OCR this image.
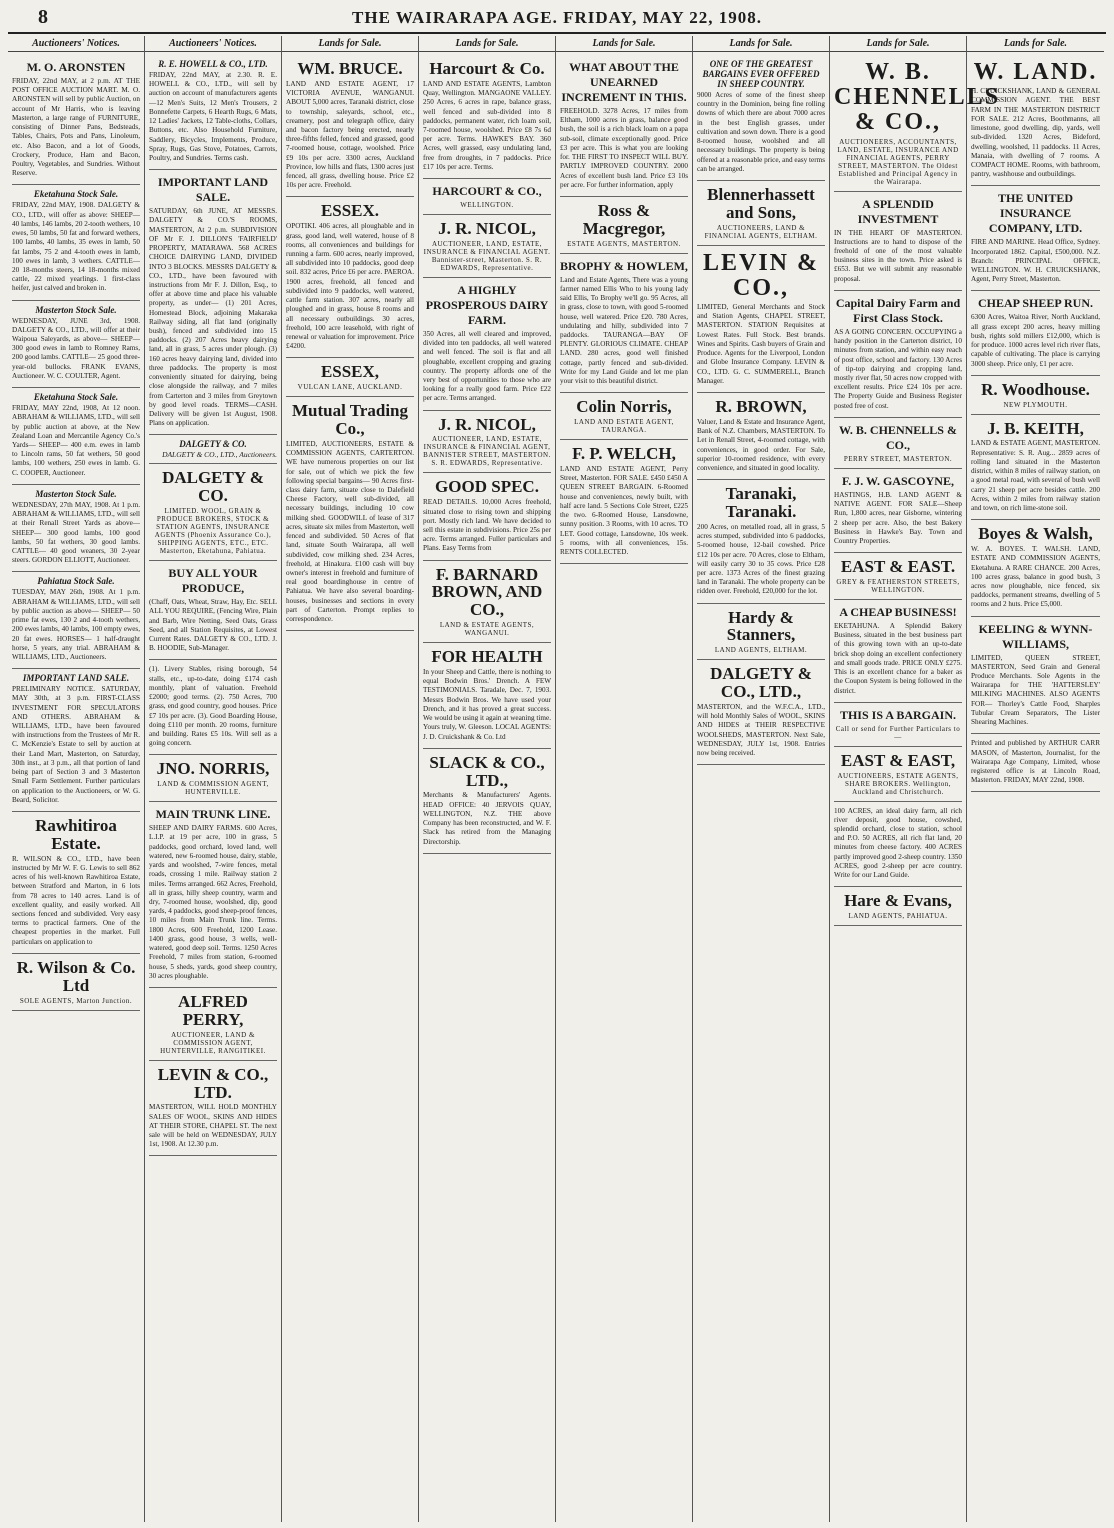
8	THE WAIRARAPA AGE. FRIDAY, MAY 22, 1908.
Auctioneers' Notices.
M. O. ARONSTEN
FRIDAY, 22nd MAY, at 2 p.m. AT THE POST OFFICE AUCTION MART. M. O. ARONSTEN will sell by public Auction, on account of Mr Harris, who is leaving Masterton, a large range of FURNITURE, consisting of Dinner Pans, Bedsteads, Tables, Chairs, Pots and Pans, Linoleum, etc. Also Bacon, and a lot of Goods, Crockery, Produce, Ham and Bacon, Poultry, Vegetables, and Sundries. Without Reserve.
Eketahuna Stock Sale.
FRIDAY, 22nd MAY, 1908. DALGETY & CO., LTD., will offer as above: SHEEP— 40 lambs, 146 lambs, 20 2-tooth wethers, 10 ewes, 50 lambs, 50 fat and forward wethers, 100 lambs, 40 lambs, 35 ewes in lamb, 50 fat lambs, 75 2 and 4-tooth ewes in lamb, 100 ewes in lamb, 3 wethers. CATTLE— 20 18-months steers, 14 18-months mixed cattle, 22 mixed yearlings. 1 first-class heifer, just calved and broken in.
Masterton Stock Sale.
WEDNESDAY, JUNE 3rd, 1908. DALGETY & CO., LTD., will offer at their Waipoua Saleyards, as above— SHEEP— 300 good ewes in lamb to Romney Rams, 200 good lambs. CATTLE— 25 good three-year-old bullocks. FRANK EVANS, Auctioneer. W. C. COULTER, Agent.
Eketahuna Stock Sale.
FRIDAY, MAY 22nd, 1908, At 12 noon. ABRAHAM & WILLIAMS, LTD., will sell by public auction at above, at the New Zealand Loan and Mercantile Agency Co.'s Yards— SHEEP— 400 e.m. ewes in lamb to Lincoln rams, 50 fat wethers, 50 good lambs, 100 wethers, 250 ewes in lamb. G. C. COOPER, Auctioneer.
Masterton Stock Sale.
WEDNESDAY, 27th MAY, 1908. At 1 p.m. ABRAHAM & WILLIAMS, LTD., will sell at their Renall Street Yards as above— SHEEP— 300 good lambs, 100 good lambs, 50 fat wethers, 30 good lambs. CATTLE— 40 good weaners, 30 2-year steers. GORDON ELLIOTT, Auctioneer.
Pahiatua Stock Sale.
TUESDAY, MAY 26th, 1908. At 1 p.m. ABRAHAM & WILLIAMS, LTD., will sell by public auction as above— SHEEP— 50 prime fat ewes, 130 2 and 4-tooth wethers, 200 ewes lambs, 40 lambs, 100 empty ewes, 20 fat ewes. HORSES— 1 half-draught horse, 5 years, any trial. ABRAHAM & WILLIAMS, LTD., Auctioneers.
IMPORTANT LAND SALE.
PRELIMINARY NOTICE. SATURDAY, MAY 30th, at 3 p.m. FIRST-CLASS INVESTMENT FOR SPECULATORS AND OTHERS. ABRAHAM & WILLIAMS, LTD., have been favoured with instructions from the Trustees of Mr R. C. McKenzie's Estate to sell by auction at their Land Mart, Masterton, on Saturday, 30th inst., at 3 p.m., all that portion of land being part of Section 3 and 3 Masterton Small Farm Settlement. Further particulars on application to the Auctioneers, or W. G. Beard, Solicitor.
Rawhitiroa Estate.
R. WILSON & CO., LTD., have been instructed by Mr W. F. G. Lewis to sell 862 acres of his well-known Rawhitiroa Estate, between Stratford and Marton, in 6 lots from 78 acres to 140 acres. Land is of excellent quality, and easily worked. All sections fenced and subdivided. Very easy terms to practical farmers. One of the cheapest properties in the market. Full particulars on application to
R. Wilson & Co. Ltd
SOLE AGENTS, Marton Junction.
Auctioneers' Notices.
R. E. HOWELL & CO., LTD.
FRIDAY, 22nd MAY, at 2.30. R. E. HOWELL & CO., LTD., will sell by auction on account of manufacturers agents—12 Men's Suits, 12 Men's Trousers, 2 Bonnefette Carpets, 6 Hearth Rugs, 6 Mats, 12 Ladies' Jackets, 12 Table-cloths, Collars, Buttons, etc. Also Household Furniture, Saddlery, Bicycles, Implements, Produce, Spray, Rugs, Gas Stove, Potatoes, Carrots, Poultry, and Sundries. Terms cash.
IMPORTANT LAND SALE.
SATURDAY, 6th JUNE, AT MESSRS. DALGETY & CO.'S ROOMS, MASTERTON, At 2 p.m. SUBDIVISION OF Mr F. J. DILLON'S 'FAIRFIELD' PROPERTY, MATARAWA. 568 ACRES CHOICE DAIRYING LAND, DIVIDED INTO 3 BLOCKS. MESSRS DALGETY & CO., LTD., have been favoured with instructions from Mr F. J. Dillon, Esq., to offer at above time and place his valuable property, as under— (1) 201 Acres, Homestead Block, adjoining Makaraka Railway siding, all flat land (originally bush), fenced and subdivided into 15 paddocks. (2) 207 Acres heavy dairying land, all in grass, 5 acres under plough. (3) 160 acres heavy dairying land, divided into three paddocks. The property is most conveniently situated for dairying, being close alongside the railway, and 7 miles from Carterton and 3 miles from Greytown by good level roads. TERMS—CASH. Delivery will be given 1st August, 1908. Plans on application.
DALGETY & CO.
DALGETY & CO., LTD., Auctioneers.
DALGETY & CO.
LIMITED. WOOL, GRAIN & PRODUCE BROKERS, STOCK & STATION AGENTS, INSURANCE AGENTS (Phoenix Assurance Co.), SHIPPING AGENTS, ETC., ETC. Masterton, Eketahuna, Pahiatua.
BUY ALL YOUR PRODUCE,
(Chaff, Oats, Wheat, Straw, Hay, Etc. SELL ALL YOU REQUIRE, (Fencing Wire, Plain and Barb, Wire Netting, Seed Oats, Grass Seed, and all Station Requisites, at Lowest Current Rates. DALGETY & CO., LTD. J. B. HOODIE, Sub-Manager.
(1). Livery Stables, rising borough, 54 stalls, etc., up-to-date, doing £174 cash monthly, plant of valuation. Freehold £2000; good terms. (2). 750 Acres, 700 grass, end good country, good houses. Price £7 10s per acre. (3). Good Boarding House, doing £110 per month. 20 rooms, furniture and building. Rates £5 10s. Will sell as a going concern.
JNO. NORRIS,
LAND & COMMISSION AGENT, HUNTERVILLE.
MAIN TRUNK LINE.
SHEEP AND DAIRY FARMS. 600 Acres, L.I.P. at 19 per acre, 100 in grass, 5 paddocks, good orchard, loved land, well watered, new 6-roomed house, dairy, stable, yards and woolshed, 7-wire fences, metal roads, crossing 1 mile. Railway station 2 miles. Terms arranged. 662 Acres, Freehold, all in grass, hilly sheep country, warm and dry, 7-roomed house, woolshed, dip, good yards, 4 paddocks, good sheep-proof fences, 10 miles from Main Trunk line. Terms. 1800 Acres, 600 Freehold, 1200 Lease. 1400 grass, good house, 3 wells, well-watered, good deep soil. Terms. 1250 Acres Freehold, 7 miles from station, 6-roomed house, 5 sheds, yards, good sheep country, 30 acres ploughable.
ALFRED PERRY,
AUCTIONEER, LAND & COMMISSION AGENT, HUNTERVILLE, RANGITIKEI.
LEVIN & CO., LTD.
MASTERTON, WILL HOLD MONTHLY SALES OF WOOL, SKINS AND HIDES AT THEIR STORE, CHAPEL ST. The next sale will be held on WEDNESDAY, JULY 1st, 1908. At 12.30 p.m.
Lands for Sale.
WM. BRUCE.
LAND AND ESTATE AGENT, 17 VICTORIA AVENUE, WANGANUI. ABOUT 5,000 acres, Taranaki district, close to township, saleyards, school, etc., creamery, post and telegraph office, dairy and bacon factory being erected, nearly three-fifths felled, fenced and grassed, good 7-roomed house, cottage, woolshed. Price £9 10s per acre. 3300 acres, Auckland Province, low hills and flats, 1300 acres just fenced, all grass, dwelling house. Price £2 10s per acre. Freehold.
ESSEX.
OPOTIKI. 406 acres, all ploughable and in grass, good land, well watered, house of 8 rooms, all conveniences and buildings for running a farm. 600 acres, nearly improved, all subdivided into 10 paddocks, good deep soil. 832 acres, Price £6 per acre. PAEROA. 1900 acres, freehold, all fenced and subdivided into 9 paddocks, well watered, cattle farm station. 307 acres, nearly all ploughed and in grass, house 8 rooms and all necessary outbuildings. 30 acres, freehold, 100 acre leasehold, with right of renewal or valuation for improvement. Price £4200.
ESSEX,
VULCAN LANE, AUCKLAND.
Mutual Trading Co.,
LIMITED, AUCTIONEERS, ESTATE & COMMISSION AGENTS, CARTERTON. WE have numerous properties on our list for sale, out of which we pick the few following special bargains— 90 Acres first-class dairy farm, situate close to Dalefield Cheese Factory, well sub-divided, all necessary buildings, including 10 cow milking shed. GOODWILL of lease of 317 acres, situate six miles from Masterton, well fenced and subdivided. 50 Acres of flat land, situate South Wairarapa, all well subdivided, cow milking shed. 234 Acres, freehold, at Hinakura. £100 cash will buy owner's interest in freehold and furniture of real good boardinghouse in centre of Pahiatua. We have also several boarding-houses, businesses and sections in every part of Carterton. Prompt replies to correspondence.
Lands for Sale.
Harcourt & Co.
LAND AND ESTATE AGENTS, Lambton Quay, Wellington. MANGAONE VALLEY. 250 Acres, 6 acres in rape, balance grass, well fenced and sub-divided into 8 paddocks, permanent water, rich loam soil, 7-roomed house, woolshed. Price £8 7s 6d per acre. Terms. HAWKE'S BAY. 360 Acres, well grassed, easy undulating land, free from droughts, in 7 paddocks. Price £17 10s per acre. Terms.
HARCOURT & CO.,
WELLINGTON.
J. R. NICOL,
AUCTIONEER, LAND, ESTATE, INSURANCE & FINANCIAL AGENT. Bannister-street, Masterton. S. R. EDWARDS, Representative.
A HIGHLY PROSPEROUS DAIRY FARM.
350 Acres, all well cleared and improved, divided into ten paddocks, all well watered and well fenced. The soil is flat and all ploughable, excellent cropping and grazing country. The property affords one of the very best of opportunities to those who are looking for a really good farm. Price £22 per acre. Terms arranged.
J. R. NICOL,
AUCTIONEER, LAND, ESTATE, INSURANCE & FINANCIAL AGENT, BANNISTER STREET, MASTERTON. S. R. EDWARDS, Representative.
GOOD SPEC.
READ DETAILS. 10,000 Acres freehold, situated close to rising town and shipping port. Mostly rich land. We have decided to sell this estate in subdivisions. Price 25s per acre. Terms arranged. Fuller particulars and Plans. Easy Terms from
F. BARNARD BROWN, AND CO.,
LAND & ESTATE AGENTS, WANGANUI.
FOR HEALTH
In your Sheep and Cattle, there is nothing to equal Bodwin Bros.' Drench. A FEW TESTIMONIALS. Taradale, Dec. 7, 1903. Messrs Bodwin Bros. We have used your Drench, and it has proved a great success. We would be using it again at weaning time. Yours truly, W. Gleeson. LOCAL AGENTS: J. D. Cruickshank & Co. Ltd
SLACK & CO., LTD.,
Merchants & Manufacturers' Agents. HEAD OFFICE: 40 JERVOIS QUAY, WELLINGTON, N.Z. THE above Company has been reconstructed, and W. F. Slack has retired from the Managing Directorship.
Lands for Sale.
WHAT ABOUT THE UNEARNED INCREMENT IN THIS.
FREEHOLD. 3278 Acres, 17 miles from Eltham, 1000 acres in grass, balance good bush, the soil is a rich black loam on a papa sub-soil, climate exceptionally good. Price £3 per acre. This is what you are looking for. THE FIRST TO INSPECT WILL BUY. PARTLY IMPROVED COUNTRY. 2000 Acres of excellent bush land. Price £3 10s per acre. For further information, apply
Ross & Macgregor,
ESTATE AGENTS, MASTERTON.
BROPHY & HOWLEM,
Land and Estate Agents, There was a young farmer named Ellis Who to his young lady said Ellis, To Brophy we'll go. 95 Acres, all in grass, close to town, with good 5-roomed house, well watered. Price £20. 780 Acres, undulating and hilly, subdivided into 7 paddocks. TAURANGA—BAY OF PLENTY. GLORIOUS CLIMATE. CHEAP LAND. 280 acres, good well finished cottage, partly fenced and sub-divided. Write for my Land Guide and let me plan your visit to this beautiful district.
Colin Norris,
LAND AND ESTATE AGENT, TAURANGA.
F. P. WELCH,
LAND AND ESTATE AGENT, Perry Street, Masterton. FOR SALE. £450 £450 A QUEEN STREET BARGAIN. 6-Roomed house and conveniences, newly built, with half acre land. 5 Sections Cole Street, £225 the two. 6-Roomed House, Lansdowne, sunny position. 3 Rooms, with 10 acres. TO LET. Good cottage, Lansdowne, 10s week. 5 rooms, with all conveniences, 15s. RENTS COLLECTED.
Lands for Sale.
ONE OF THE GREATEST BARGAINS EVER OFFERED IN SHEEP COUNTRY.
9000 Acres of some of the finest sheep country in the Dominion, being fine rolling downs of which there are about 7000 acres in the best English grasses, under cultivation and sown down. There is a good 8-roomed house, woolshed and all necessary buildings. The property is being offered at a reasonable price, and easy terms can be arranged.
Blennerhassett and Sons,
AUCTIONEERS, LAND & FINANCIAL AGENTS, ELTHAM.
LEVIN & CO.,
LIMITED, General Merchants and Stock and Station Agents, CHAPEL STREET, MASTERTON. STATION Requisites at Lowest Rates. Full Stock. Best brands. Wines and Spirits. Cash buyers of Grain and Produce. Agents for the Liverpool, London and Globe Insurance Company. LEVIN & CO., LTD. G. C. SUMMERELL, Branch Manager.
R. BROWN,
Valuer, Land & Estate and Insurance Agent, Bank of N.Z. Chambers, MASTERTON. To Let in Renall Street, 4-roomed cottage, with conveniences, in good order. For Sale, superior 10-roomed residence, with every convenience, and situated in good locality.
Taranaki, Taranaki.
200 Acres, on metalled road, all in grass, 5 acres stumped, subdivided into 6 paddocks, 5-roomed house, 12-bail cowshed. Price £12 10s per acre. 70 Acres, close to Eltham, will easily carry 30 to 35 cows. Price £28 per acre. 1373 Acres of the finest grazing land in Taranaki. The whole property can be ridden over. Freehold, £20,000 for the lot.
Hardy & Stanners,
LAND AGENTS, ELTHAM.
DALGETY & CO., LTD.,
MASTERTON, and the W.F.C.A., LTD., will hold Monthly Sales of WOOL, SKINS AND HIDES at THEIR RESPECTIVE WOOLSHEDS, MASTERTON. Next Sale, WEDNESDAY, JULY 1st, 1908. Entries now being received.
Lands for Sale.
W. B. CHENNELLS & CO.,
AUCTIONEERS, ACCOUNTANTS, LAND, ESTATE, INSURANCE AND FINANCIAL AGENTS, PERRY STREET, MASTERTON. The Oldest Established and Principal Agency in the Wairarapa.
A SPLENDID INVESTMENT
IN THE HEART OF MASTERTON. Instructions are to hand to dispose of the freehold of one of the most valuable business sites in the town. Price asked is £653. But we will submit any reasonable proposal.
Capital Dairy Farm and First Class Stock.
AS A GOING CONCERN. OCCUPYING a handy position in the Carterton district, 10 minutes from station, and within easy reach of post office, school and factory. 130 Acres of tip-top dairying and cropping land, mostly river flat, 50 acres now cropped with excellent results. Price £24 10s per acre. The Property Guide and Business Register posted free of cost.
W. B. CHENNELLS & CO.,
PERRY STREET, MASTERTON.
F. J. W. GASCOYNE,
HASTINGS, H.B. LAND AGENT & NATIVE AGENT. FOR SALE—Sheep Run, 1,800 acres, near Gisborne, wintering 2 sheep per acre. Also, the best Bakery Business in Hawke's Bay. Town and Country Properties.
EAST & EAST.
GREY & FEATHERSTON STREETS, WELLINGTON.
A CHEAP BUSINESS!
EKETAHUNA. A Splendid Bakery Business, situated in the best business part of this growing town with an up-to-date brick shop doing an excellent confectionery and small goods trade. PRICE ONLY £275. This is an excellent chance for a baker as the Coupon System is being followed in the district.
THIS IS A BARGAIN.
Call or send for Further Particulars to—
EAST & EAST,
AUCTIONEERS, ESTATE AGENTS, SHARE BROKERS. Wellington, Auckland and Christchurch.
100 ACRES, an ideal dairy farm, all rich river deposit, good house, cowshed, splendid orchard, close to station, school and P.O. 50 ACRES, all rich flat land, 20 minutes from cheese factory. 400 ACRES partly improved good 2-sheep country. 1350 ACRES, good 2-sheep per acre country. Write for our Land Guide.
Hare & Evans,
LAND AGENTS, PAHIATUA.
Lands for Sale.
W. LAND.
H. CRUICKSHANK, LAND & GENERAL COMMISSION AGENT. THE BEST FARM IN THE MASTERTON DISTRICT FOR SALE. 212 Acres, Boothmanns, all limestone, good dwelling, dip, yards, well sub-divided. 1320 Acres, Bideford, dwelling, woolshed, 11 paddocks. 11 Acres, Manaia, with dwelling of 7 rooms. A COMPACT HOME. Rooms, with bathroom, pantry, washhouse and outbuildings.
THE UNITED INSURANCE COMPANY, LTD.
FIRE AND MARINE. Head Office, Sydney. Incorporated 1862. Capital, £500,000. N.Z. Branch: PRINCIPAL OFFICE, WELLINGTON. W. H. CRUICKSHANK, Agent, Perry Street, Masterton.
CHEAP SHEEP RUN.
6300 Acres, Waitoa River, North Auckland, all grass except 200 acres, heavy milling bush, rights sold millers £12,000, which is for produce. 1000 acres level rich river flats, capable of cultivating. The place is carrying 3000 sheep. Price only, £1 per acre.
R. Woodhouse.
NEW PLYMOUTH.
J. B. KEITH,
LAND & ESTATE AGENT, MASTERTON. Representative: S. R. Aug... 2859 acres of rolling land situated in the Masterton district, within 8 miles of railway station, on a good metal road, with several of bush well carry 21 sheep per acre besides cattle. 200 Acres, within 2 miles from railway station and town, on rich lime-stone soil.
Boyes & Walsh,
W. A. BOYES. T. WALSH. LAND, ESTATE AND COMMISSION AGENTS, Eketahuna. A RARE CHANCE. 200 Acres, 100 acres grass, balance in good bush, 3 acres now ploughable, nice fenced, six paddocks, permanent streams, dwelling of 5 rooms and 2 huts. Price £5,000.
KEELING & WYNN-WILLIAMS,
LIMITED, QUEEN STREET, MASTERTON, Seed Grain and General Produce Merchants. Sole Agents in the Wairarapa for THE 'HATTERSLEY' MILKING MACHINES. ALSO AGENTS FOR— Thorley's Cattle Food, Sharples Tubular Cream Separators, The Lister Shearing Machines.
Printed and published by ARTHUR CARR MASON, of Masterton, Journalist, for the Wairarapa Age Company, Limited, whose registered office is at Lincoln Road, Masterton. FRIDAY, MAY 22nd, 1908.
